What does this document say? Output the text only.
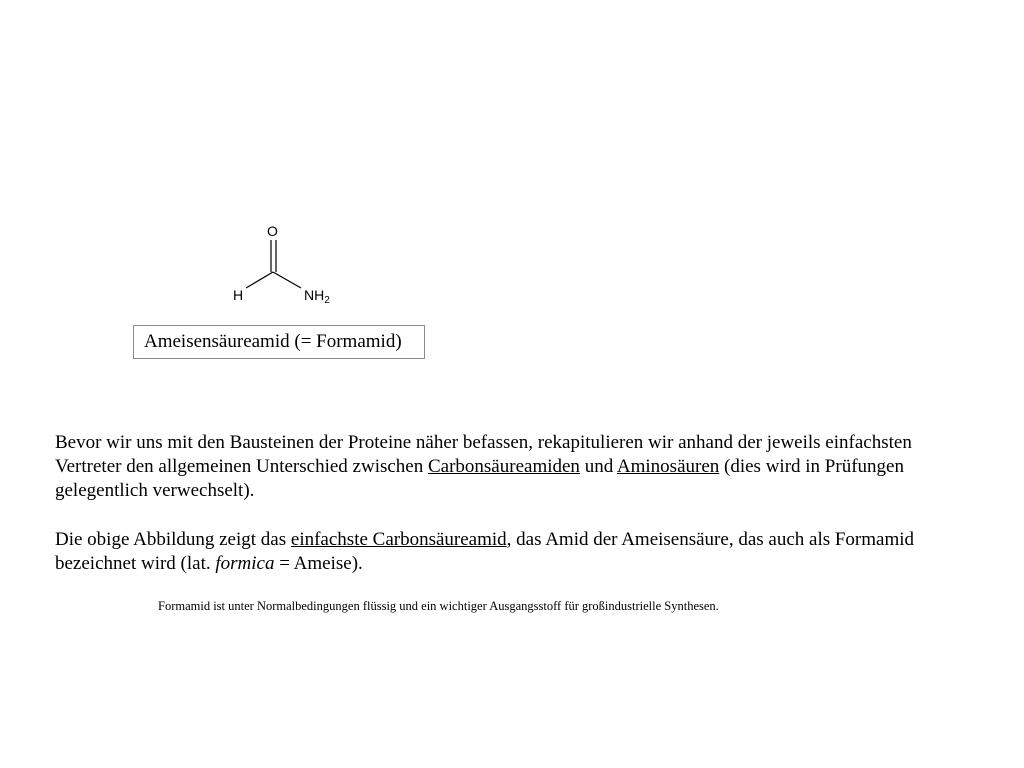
O
H	$NH_2$
Ameisensäureamid (= Formamid)

Bevor wir uns mit den Bausteinen der Proteine näher befassen, rekapitulieren wir anhand der jeweils einfachsten Vertreter den allgemeinen Unterschied zwischen Carbonsäureamiden und Aminosäuren (dies wird in Prüfungen gelegentlich verwechselt).

Die obige Abbildung zeigt das einfachste Carbonsäureamid, das Amid der Ameisensäure, das auch als Formamid bezeichnet wird (lat. formica = Ameise).

Formamid ist unter Normalbedingungen flüssig und ein wichtiger Ausgangsstoff für großindustrielle Synthesen.
